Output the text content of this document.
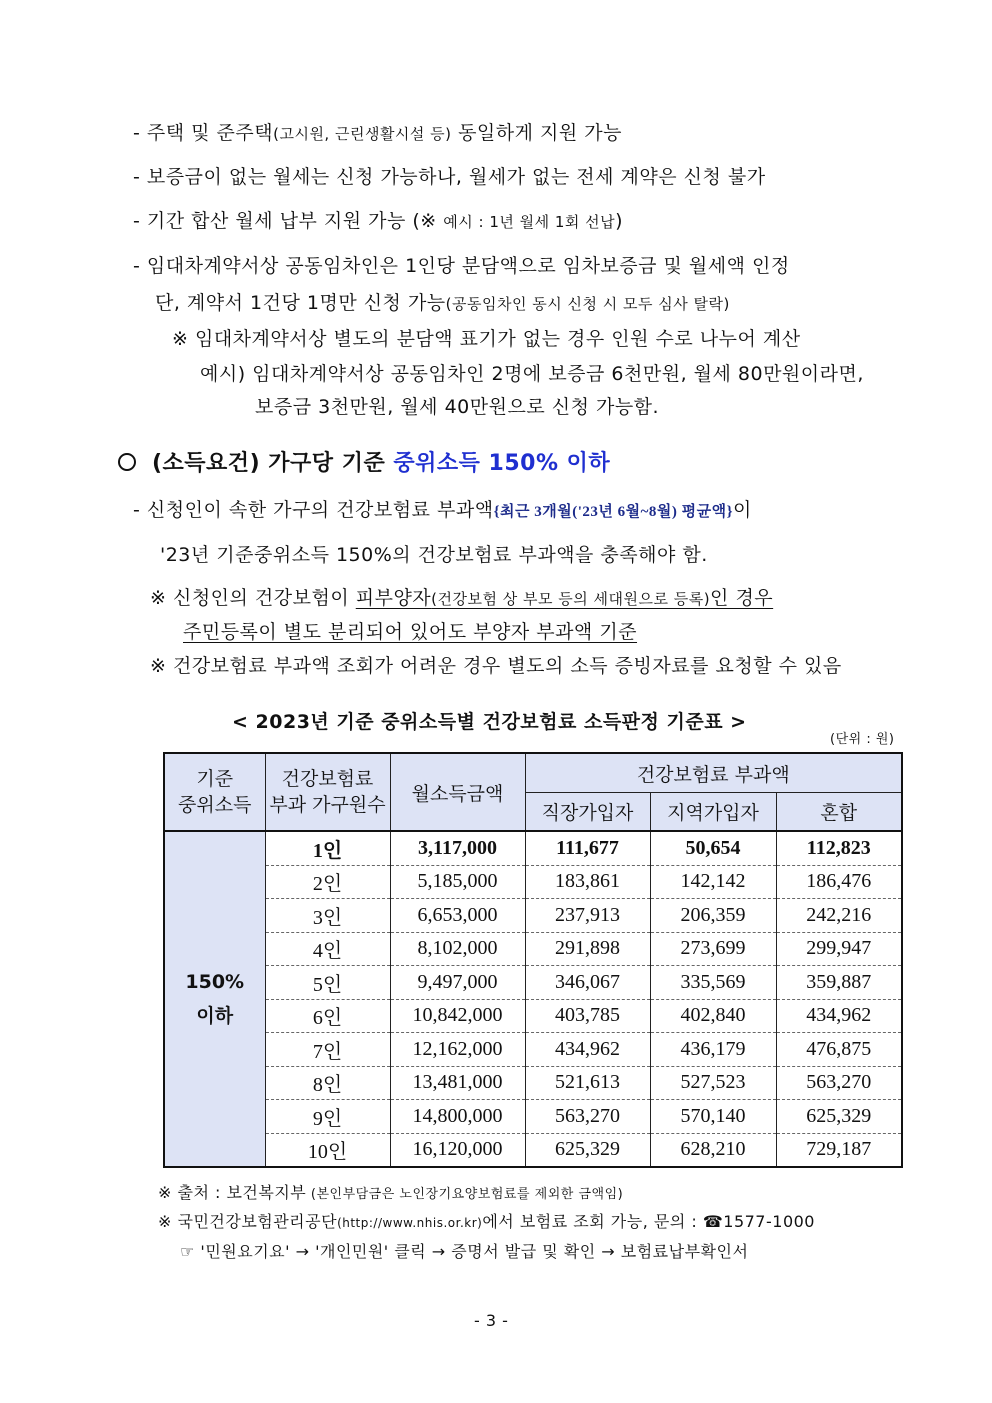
- 주택 및 준주택(고시원, 근린생활시설 등) 동일하게 지원 가능
- 보증금이 없는 월세는 신청 가능하나, 월세가 없는 전세 계약은 신청 불가
- 기간 합산 월세 납부 지원 가능 (※ 예시 : 1년 월세 1회 선납)
- 임대차계약서상 공동임차인은 1인당 분담액으로 임차보증금 및 월세액 인정
단, 계약서 1건당 1명만 신청 가능(공동임차인 동시 신청 시 모두 심사 탈락)
※ 임대차계약서상 별도의 분담액 표기가 없는 경우 인원 수로 나누어 계산
예시) 임대차계약서상 공동임차인 2명에 보증금 6천만원, 월세 80만원이라면,
보증금 3천만원, 월세 40만원으로 신청 가능함.
(소득요건) 가구당 기준 중위소득 150% 이하
- 신청인이 속한 가구의 건강보험료 부과액{최근 3개월('23년 6월~8월) 평균액}이
'23년 기준중위소득 150%의 건강보험료 부과액을 충족해야 함.
※ 신청인의 건강보험이 피부양자(건강보험 상 부모 등의 세대원으로 등록)인 경우
주민등록이 별도 분리되어 있어도 부양자 부과액 기준
※ 건강보험료 부과액 조회가 어려운 경우 별도의 소득 증빙자료를 요청할 수 있음
< 2023년 기준 중위소득별 건강보험료 소득판정 기준표 >
(단위 : 원)
기준
중위소득	건강보험료
부과 가구원수	월소득금액	건강보험료 부과액		
			직장가입자	지역가입자	혼합
150%
이하	1인	3,117,000	111,677	50,654	112,823
	2인	5,185,000	183,861	142,142	186,476
	3인	6,653,000	237,913	206,359	242,216
	4인	8,102,000	291,898	273,699	299,947
	5인	9,497,000	346,067	335,569	359,887
	6인	10,842,000	403,785	402,840	434,962
	7인	12,162,000	434,962	436,179	476,875
	8인	13,481,000	521,613	527,523	563,270
	9인	14,800,000	563,270	570,140	625,329
	10인	16,120,000	625,329	628,210	729,187
※ 출처 : 보건복지부 (본인부담금은 노인장기요양보험료를 제외한 금액임)
※ 국민건강보험관리공단(http://www.nhis.or.kr)에서 보험료 조회 가능, 문의 : ☎1577-1000
☞ '민원요기요' → '개인민원' 클릭 → 증명서 발급 및 확인 → 보험료납부확인서
- 3 -
